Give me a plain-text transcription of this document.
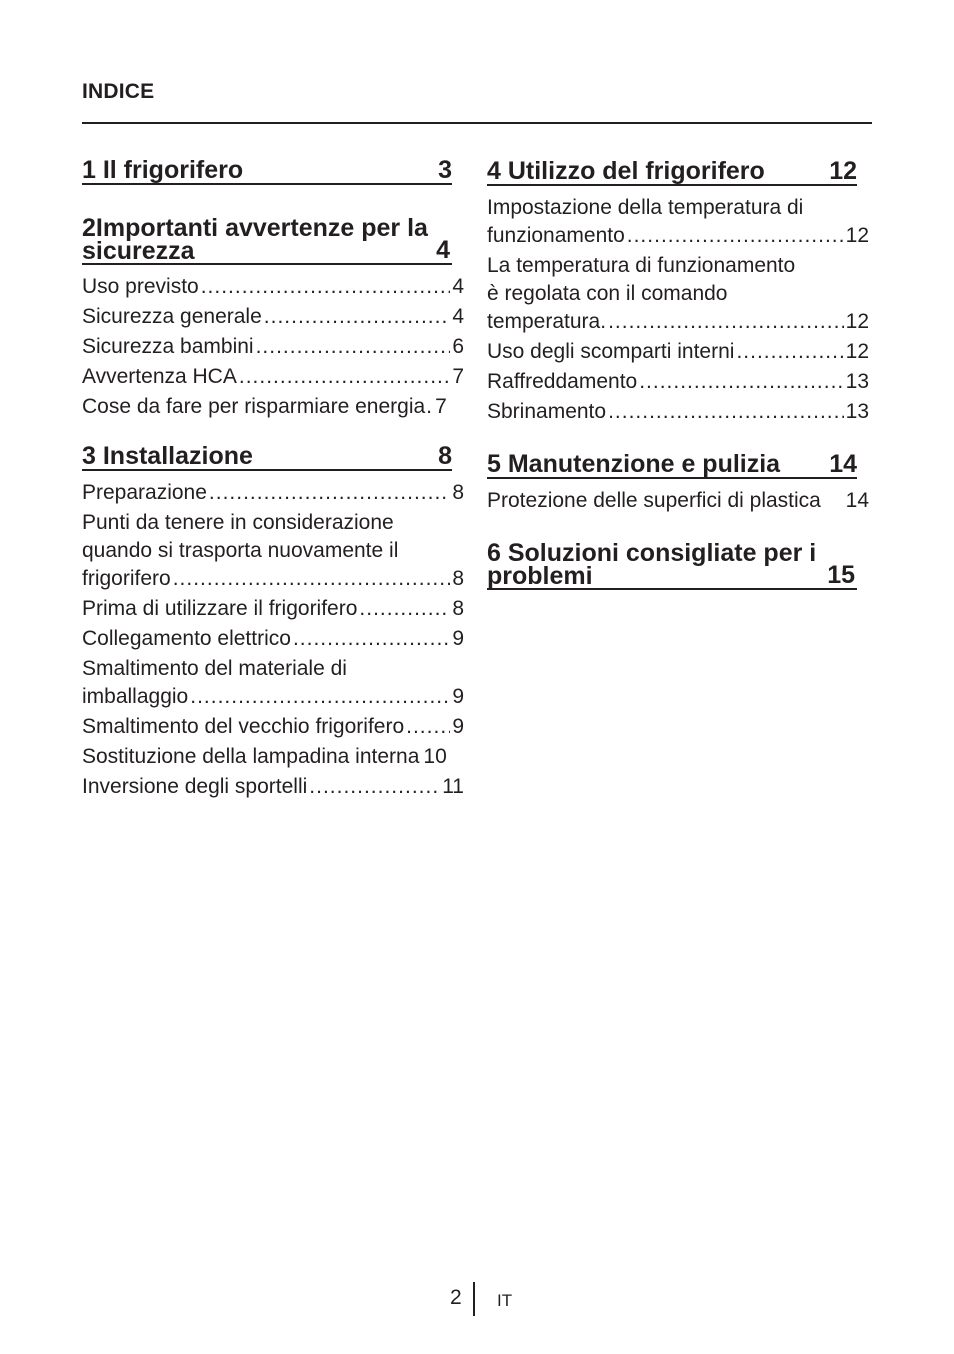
INDICE
1 Il frigorifero	3
2Importanti avvertenze per la
sicurezza	4
Uso previsto .....	4
Sicurezza generale .....	4
Sicurezza bambini .....	6
Avvertenza HCA .....	7
Cose da fare per risparmiare energia ..... 7
3 Installazione	8
Preparazione .....	8
Punti da tenere in considerazione
quando si trasporta nuovamente il
frigorifero .....	8
Prima di utilizzare il frigorifero .....	8
Collegamento elettrico .....	9
Smaltimento del materiale di
imballaggio .....	9
Smaltimento del vecchio frigorifero ..... 9
Sostituzione della lampadina interna 10
Inversione degli sportelli .....	11
4 Utilizzo del frigorifero	12
Impostazione della temperatura di
funzionamento .....	12
La temperatura di funzionamento
è regolata con il comando
temperatura. .....	12
Uso degli scomparti interni .....	12
Raffreddamento .....	13
Sbrinamento .....	13
5 Manutenzione e pulizia 14
Protezione delle superfici di plastica 14
6 Soluzioni consigliate per i
problemi	15
2 IT
